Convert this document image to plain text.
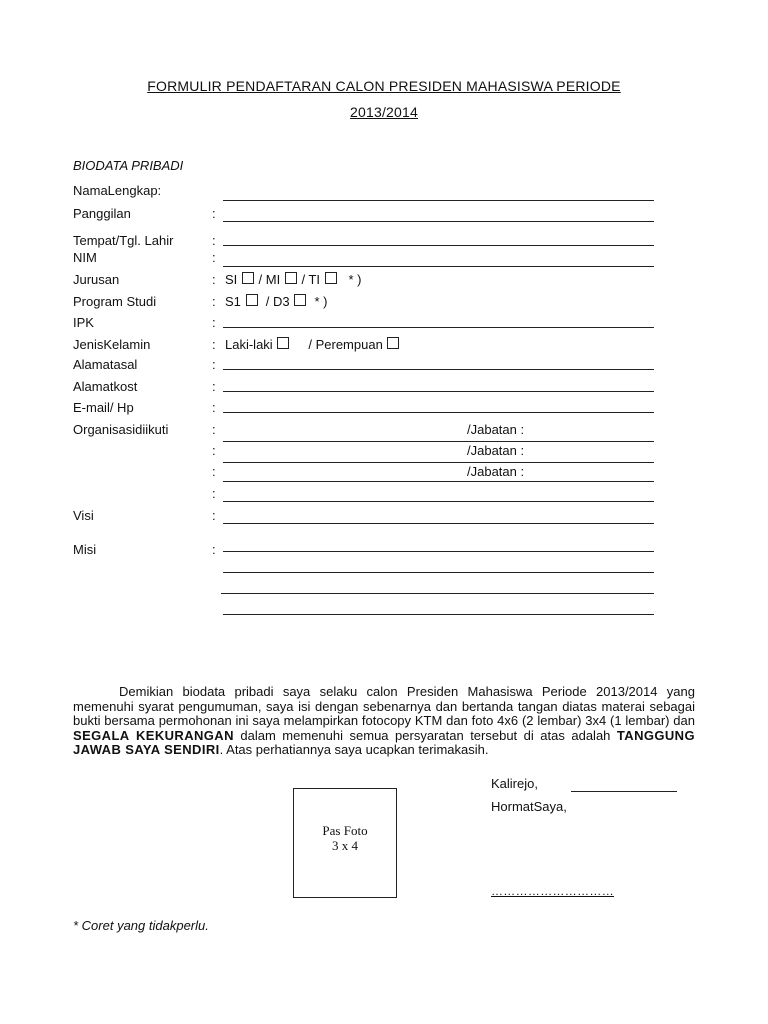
FORMULIR PENDAFTARAN CALON PRESIDEN MAHASISWA PERIODE
2013/2014
BIODATA PRIBADI
NamaLengkap:
Panggilan	:
Tempat/Tgl. Lahir	:
NIM	:
Jurusan	: SI / MI / TI * )
Program Studi	: S1 / D3 * )
IPK	:
JenisKelamin	: Laki-laki	/ Perempuan
Alamatasal	:
Alamatkost	:
E-mail/ Hp	:
Organisasidiikuti	:	/Jabatan :
:	/Jabatan :
:	/Jabatan :
:
Visi	:
Misi	:
Demikian biodata pribadi saya selaku calon Presiden Mahasiswa Periode 2013/2014 yang memenuhi syarat pengumuman, saya isi dengan sebenarnya dan bertanda tangan diatas materai sebagai bukti bersama permohonan ini saya melampirkan fotocopy KTM dan foto 4x6 (2 lembar) 3x4 (1 lembar) dan SEGALA KEKURANGAN dalam memenuhi semua persyaratan tersebut di atas adalah TANGGUNG JAWAB SAYA SENDIRI. Atas perhatiannya saya ucapkan terimakasih.
Kalirejo,
HormatSaya,
…………………………
Pas Foto
3 x 4
* Coret yang tidakperlu.
